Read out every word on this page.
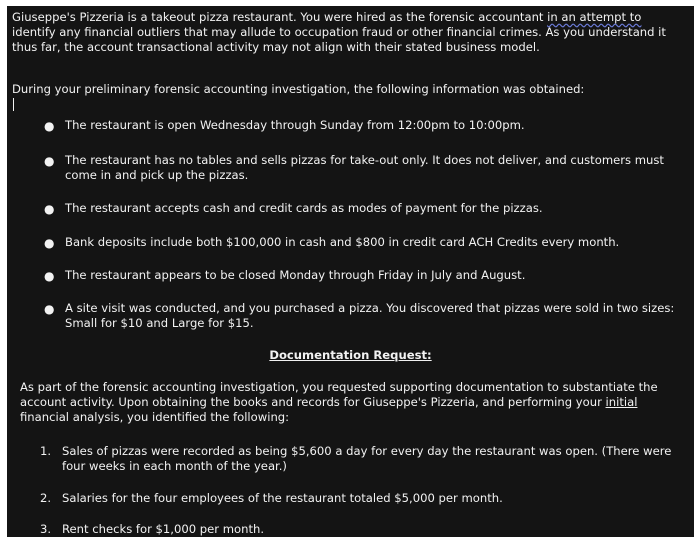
Giuseppe's Pizzeria is a takeout pizza restaurant. You were hired as the forensic accountant in an attempt to identify any financial outliers that may allude to occupation fraud or other financial crimes. As you understand it thus far, the account transactional activity may not align with their stated business model.

During your preliminary forensic accounting investigation, the following information was obtained:

● The restaurant is open Wednesday through Sunday from 12:00pm to 10:00pm.
● The restaurant has no tables and sells pizzas for take-out only. It does not deliver, and customers must come in and pick up the pizzas.
● The restaurant accepts cash and credit cards as modes of payment for the pizzas.
● Bank deposits include both $100,000 in cash and $800 in credit card ACH Credits every month.
● The restaurant appears to be closed Monday through Friday in July and August.
● A site visit was conducted, and you purchased a pizza. You discovered that pizzas were sold in two sizes: Small for $10 and Large for $15.

Documentation Request:

As part of the forensic accounting investigation, you requested supporting documentation to substantiate the account activity. Upon obtaining the books and records for Giuseppe's Pizzeria, and performing your initial financial analysis, you identified the following:

1. Sales of pizzas were recorded as being $5,600 a day for every day the restaurant was open. (There were four weeks in each month of the year.)
2. Salaries for the four employees of the restaurant totaled $5,000 per month.
3. Rent checks for $1,000 per month.
